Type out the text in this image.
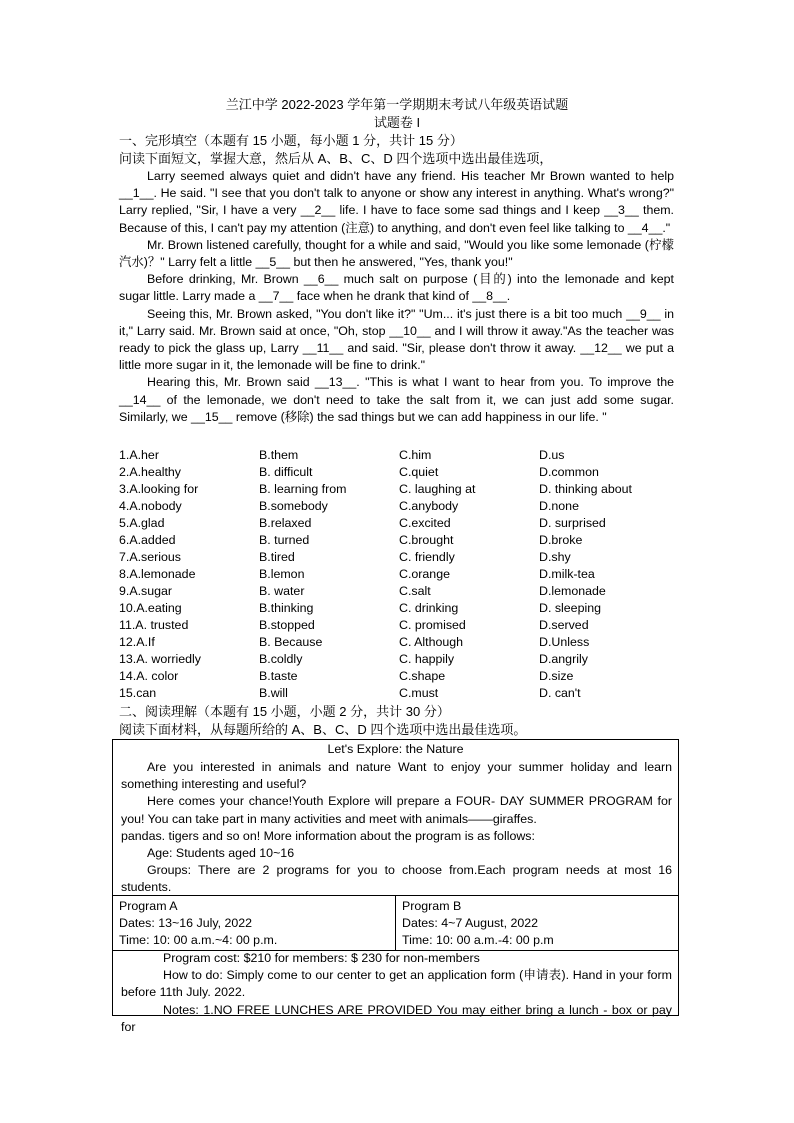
兰江中学 2022-2023 学年第一学期期末考试八年级英语试题
试题卷 I
一、完形填空（本题有 15 小题，每小题 1 分，共计 15 分）
问读下面短文，掌握大意，然后从 A、B、C、D 四个选项中选出最佳选项，

Larry seemed always quiet and didn't have any friend. His teacher Mr Brown wanted to help __1__. He said. "I see that you don't talk to anyone or show any interest in anything. What's wrong?" Larry replied, "Sir, I have a very __2__ life. I have to face some sad things and I keep __3__ them. Because of this, I can't pay my attention (注意) to anything, and don't even feel like talking to __4__."

Mr. Brown listened carefully, thought for a while and said, "Would you like some lemonade (柠檬汽水)？" Larry felt a little __5__ but then he answered, "Yes, thank you!"

Before drinking, Mr. Brown __6__ much salt on purpose (目的) into the lemonade and kept sugar little. Larry made a __7__ face when he drank that kind of __8__.

Seeing this, Mr. Brown asked, "You don't like it?" "Um... it's just there is a bit too much __9__ in it," Larry said. Mr. Brown said at once, "Oh, stop __10__ and I will throw it away."As the teacher was ready to pick the glass up, Larry __11__ and said. "Sir, please don't throw it away. __12__ we put a little more sugar in it, the lemonade will be fine to drink."

Hearing this, Mr. Brown said __13__. "This is what I want to hear from you. To improve the __14__ of the lemonade, we don't need to take the salt from it, we can just add some sugar. Similarly, we __15__ remove (移除) the sad things but we can add happiness in our life. "

1.A.her	B.them	C.him	D.us
2.A.healthy	B. difficult	C.quiet	D.common
3.A.looking for	B. learning from	C. laughing at	D. thinking about
4.A.nobody	B.somebody	C.anybody	D.none
5.A.glad	B.relaxed	C.excited	D. surprised
6.A.added	B. turned	C.brought	D.broke
7.A.serious	B.tired	C. friendly	D.shy
8.A.lemonade	B.lemon	C.orange	D.milk-tea
9.A.sugar	B. water	C.salt	D.lemonade
10.A.eating	B.thinking	C. drinking	D. sleeping
11.A. trusted	B.stopped	C. promised	D.served
12.A.If	B. Because	C. Although	D.Unless
13.A. worriedly	B.coldly	C. happily	D.angrily
14.A. color	B.taste	C.shape	D.size
15.can	B.will	C.must	D. can't
二、阅读理解（本题有 15 小题，小题 2 分，共计 30 分）
阅读下面材料，从每题所给的 A、B、C、D 四个选项中选出最佳选项。
Let's Explore: the Nature

Are you interested in animals and nature Want to enjoy your summer holiday and learn something interesting and useful?

Here comes your chance!Youth Explore will prepare a FOUR- DAY SUMMER PROGRAM for you! You can take part in many activities and meet with animals——giraffes.

pandas. tigers and so on! More information about the program is as follows:

Age: Students aged 10~16

Groups: There are 2 programs for you to choose from.Each program needs at most 16 students.

Program A
Dates: 13~16 July, 2022
Time: 10: 00 a.m.~4: 00 p.m.

Program B
Dates: 4~7 August, 2022
Time: 10: 00 a.m.-4: 00 p.m

Program cost: $210 for members: $ 230 for non-members

How to do: Simply come to our center to get an application form (申请表). Hand in your form before 11th July. 2022.

Notes: 1.NO FREE LUNCHES ARE PROVIDED You may either bring a lunch - box or pay for
